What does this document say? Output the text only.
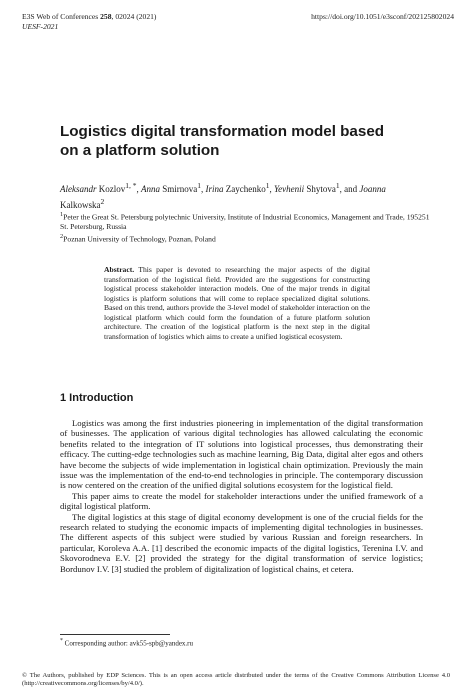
E3S Web of Conferences 258, 02024 (2021)
UESF-2021
https://doi.org/10.1051/e3sconf/202125802024
Logistics digital transformation model based on a platform solution
Aleksandr Kozlov$^{1, *}$, Anna Smirnova$^1$, Irina Zaychenko$^1$, Yevhenii Shytova$^1$, and Joanna Kalkowska$^2$
$^1$Peter the Great St. Petersburg polytechnic University, Institute of Industrial Economics, Management and Trade, 195251 St. Petersburg, Russia
$^2$Poznan University of Technology, Poznan, Poland
Abstract. This paper is devoted to researching the major aspects of the digital transformation of the logistical field. Provided are the suggestions for constructing logistical process stakeholder interaction models. One of the major trends in digital logistics is platform solutions that will come to replace specialized digital solutions. Based on this trend, authors provide the 3-level model of stakeholder interaction on the logistical platform which could form the foundation of a future platform solution architecture. The creation of the logistical platform is the next step in the digital transformation of logistics which aims to create a unified logistical ecosystem.
1 Introduction

Logistics was among the first industries pioneering in implementation of the digital transformation of businesses. The application of various digital technologies has allowed calculating the economic benefits related to the integration of IT solutions into logistical processes, thus demonstrating their efficacy. The cutting-edge technologies such as machine learning, Big Data, digital alter egos and others have become the subjects of wide implementation in logistical chain optimization. Previously the main issue was the implementation of the end-to-end technologies in principle. The contemporary discussion is now centered on the creation of the unified digital solutions ecosystem for the logistical field.

This paper aims to create the model for stakeholder interactions under the unified framework of a digital logistical platform.

The digital logistics at this stage of digital economy development is one of the crucial fields for the research related to studying the economic impacts of implementing digital technologies in businesses. The different aspects of this subject were studied by various Russian and foreign researchers. In particular, Koroleva A.A. [1] described the economic impacts of the digital logistics, Terenina I.V. and Skovorodneva E.V. [2] provided the strategy for the digital transformation of service logistics; Bordunov I.V. [3] studied the problem of digitalization of logistical chains, et cetera.

* Corresponding author: avk55-spb@yandex.ru
© The Authors, published by EDP Sciences. This is an open access article distributed under the terms of the Creative Commons Attribution License 4.0 (http://creativecommons.org/licenses/by/4.0/).
